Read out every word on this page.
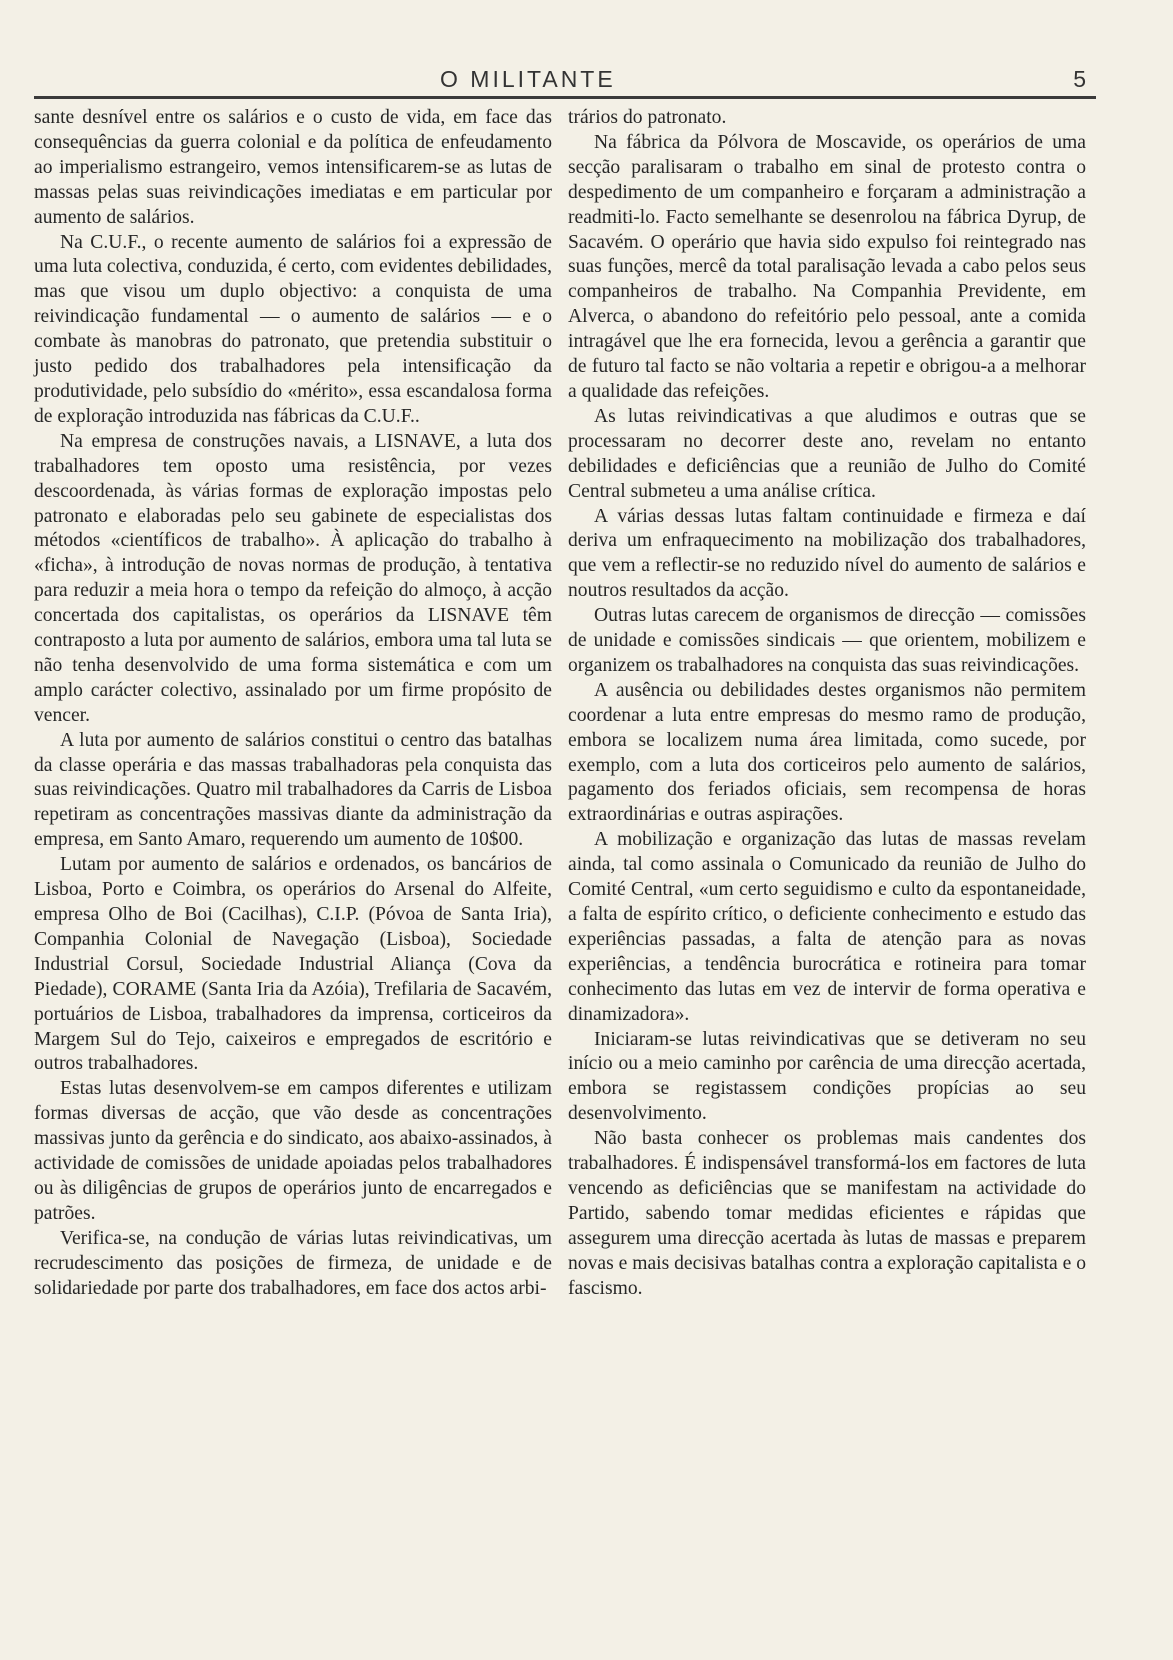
O MILITANTE	5

sante desnível entre os salários e o custo de vida, em face das consequências da guerra colonial e da política de enfeudamento ao imperialismo estrangeiro, vemos intensificarem-se as lutas de massas pelas suas reivindicações imediatas e em particular por aumento de salários.

Na C.U.F., o recente aumento de salários foi a expressão de uma luta colectiva, conduzida, é certo, com evidentes debilidades, mas que visou um duplo objectivo: a conquista de uma reivindicação fundamental — o aumento de salários — e o combate às manobras do patronato, que pretendia substituir o justo pedido dos trabalhadores pela intensificação da produtividade, pelo subsídio do «mérito», essa escandalosa forma de exploração introduzida nas fábricas da C.U.F..

Na empresa de construções navais, a LISNAVE, a luta dos trabalhadores tem oposto uma resistência, por vezes descoordenada, às várias formas de exploração impostas pelo patronato e elaboradas pelo seu gabinete de especialistas dos métodos «científicos de trabalho». À aplicação do trabalho à «ficha», à introdução de novas normas de produção, à tentativa para reduzir a meia hora o tempo da refeição do almoço, à acção concertada dos capitalistas, os operários da LISNAVE têm contraposto a luta por aumento de salários, embora uma tal luta se não tenha desenvolvido de uma forma sistemática e com um amplo carácter colectivo, assinalado por um firme propósito de vencer.

A luta por aumento de salários constitui o centro das batalhas da classe operária e das massas trabalhadoras pela conquista das suas reivindicações. Quatro mil trabalhadores da Carris de Lisboa repetiram as concentrações massivas diante da administração da empresa, em Santo Amaro, requerendo um aumento de 10$00.

Lutam por aumento de salários e ordenados, os bancários de Lisboa, Porto e Coimbra, os operários do Arsenal do Alfeite, empresa Olho de Boi (Cacilhas), C.I.P. (Póvoa de Santa Iria), Companhia Colonial de Navegação (Lisboa), Sociedade Industrial Corsul, Sociedade Industrial Aliança (Cova da Piedade), CORAME (Santa Iria da Azóia), Trefilaria de Sacavém, portuários de Lisboa, trabalhadores da imprensa, corticeiros da Margem Sul do Tejo, caixeiros e empregados de escritório e outros trabalhadores.

Estas lutas desenvolvem-se em campos diferentes e utilizam formas diversas de acção, que vão desde as concentrações massivas junto da gerência e do sindicato, aos abaixo-assinados, à actividade de comissões de unidade apoiadas pelos trabalhadores ou às diligências de grupos de operários junto de encarregados e patrões.

Verifica-se, na condução de várias lutas reivindicativas, um recrudescimento das posições de firmeza, de unidade e de solidariedade por parte dos trabalhadores, em face dos actos arbi-

trários do patronato.

Na fábrica da Pólvora de Moscavide, os operários de uma secção paralisaram o trabalho em sinal de protesto contra o despedimento de um companheiro e forçaram a administração a readmiti-lo. Facto semelhante se desenrolou na fábrica Dyrup, de Sacavém. O operário que havia sido expulso foi reintegrado nas suas funções, mercê da total paralisação levada a cabo pelos seus companheiros de trabalho. Na Companhia Previdente, em Alverca, o abandono do refeitório pelo pessoal, ante a comida intragável que lhe era fornecida, levou a gerência a garantir que de futuro tal facto se não voltaria a repetir e obrigou-a a melhorar a qualidade das refeições.

As lutas reivindicativas a que aludimos e outras que se processaram no decorrer deste ano, revelam no entanto debilidades e deficiências que a reunião de Julho do Comité Central submeteu a uma análise crítica.

A várias dessas lutas faltam continuidade e firmeza e daí deriva um enfraquecimento na mobilização dos trabalhadores, que vem a reflectir-se no reduzido nível do aumento de salários e noutros resultados da acção.

Outras lutas carecem de organismos de direcção — comissões de unidade e comissões sindicais — que orientem, mobilizem e organizem os trabalhadores na conquista das suas reivindicações.

A ausência ou debilidades destes organismos não permitem coordenar a luta entre empresas do mesmo ramo de produção, embora se localizem numa área limitada, como sucede, por exemplo, com a luta dos corticeiros pelo aumento de salários, pagamento dos feriados oficiais, sem recompensa de horas extraordinárias e outras aspirações.

A mobilização e organização das lutas de massas revelam ainda, tal como assinala o Comunicado da reunião de Julho do Comité Central, «um certo seguidismo e culto da espontaneidade, a falta de espírito crítico, o deficiente conhecimento e estudo das experiências passadas, a falta de atenção para as novas experiências, a tendência burocrática e rotineira para tomar conhecimento das lutas em vez de intervir de forma operativa e dinamizadora».

Iniciaram-se lutas reivindicativas que se detiveram no seu início ou a meio caminho por carência de uma direcção acertada, embora se registassem condições propícias ao seu desenvolvimento.

Não basta conhecer os problemas mais candentes dos trabalhadores. É indispensável transformá-los em factores de luta vencendo as deficiências que se manifestam na actividade do Partido, sabendo tomar medidas eficientes e rápidas que assegurem uma direcção acertada às lutas de massas e preparem novas e mais decisivas batalhas contra a exploração capitalista e o fascismo.
